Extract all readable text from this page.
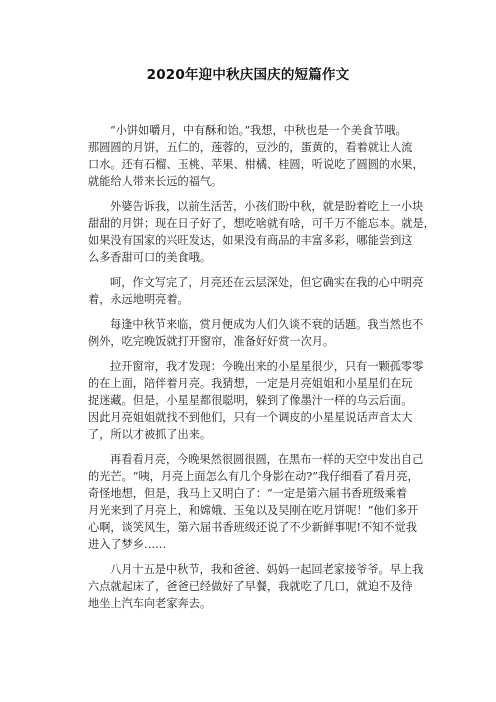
2020年迎中秋庆国庆的短篇作文

“小饼如嚼月，中有酥和饴。”我想，中秋也是一个美食节哦。
那圆圆的月饼，五仁的，莲蓉的，豆沙的，蛋黄的，看着就让人流
口水。还有石榴、玉桃、苹果、柑橘、桂圆，听说吃了圆圆的水果，
就能给人带来长远的福气。

外婆告诉我，以前生活苦，小孩们盼中秋，就是盼着吃上一小块
甜甜的月饼；现在日子好了，想吃啥就有啥，可千万不能忘本。就是，
如果没有国家的兴旺发达，如果没有商品的丰富多彩，哪能尝到这
么多香甜可口的美食哦。

呵，作文写完了，月亮还在云层深处，但它确实在我的心中明亮
着，永远地明亮着。

每逢中秋节来临，赏月便成为人们久谈不衰的话题。我当然也不
例外，吃完晚饭就打开窗帘，准备好好赏一次月。

拉开窗帘，我才发现：今晚出来的小星星很少，只有一颗孤零零
的在上面，陪伴着月亮。我猜想，一定是月亮姐姐和小星星们在玩
捉迷藏。但是，小星星都很聪明，躲到了像墨汁一样的乌云后面。
因此月亮姐姐就找不到他们，只有一个调皮的小星星说话声音太大
了，所以才被抓了出来。

再看看月亮，今晚果然很圆很圆，在黑布一样的天空中发出自己
的光芒。“咦，月亮上面怎么有几个身影在动?”我仔细看了看月亮，
奇怪地想，但是，我马上又明白了：“一定是第六届书香班级乘着
月光来到了月亮上，和嫦娥、玉兔以及吴刚在吃月饼呢！”他们多开
心啊，谈笑风生，第六届书香班级还说了不少新鲜事呢!不知不觉我
进入了梦乡……

八月十五是中秋节，我和爸爸、妈妈一起回老家接爷爷。早上我
六点就起床了，爸爸已经做好了早餐，我就吃了几口，就迫不及待
地坐上汽车向老家奔去。
